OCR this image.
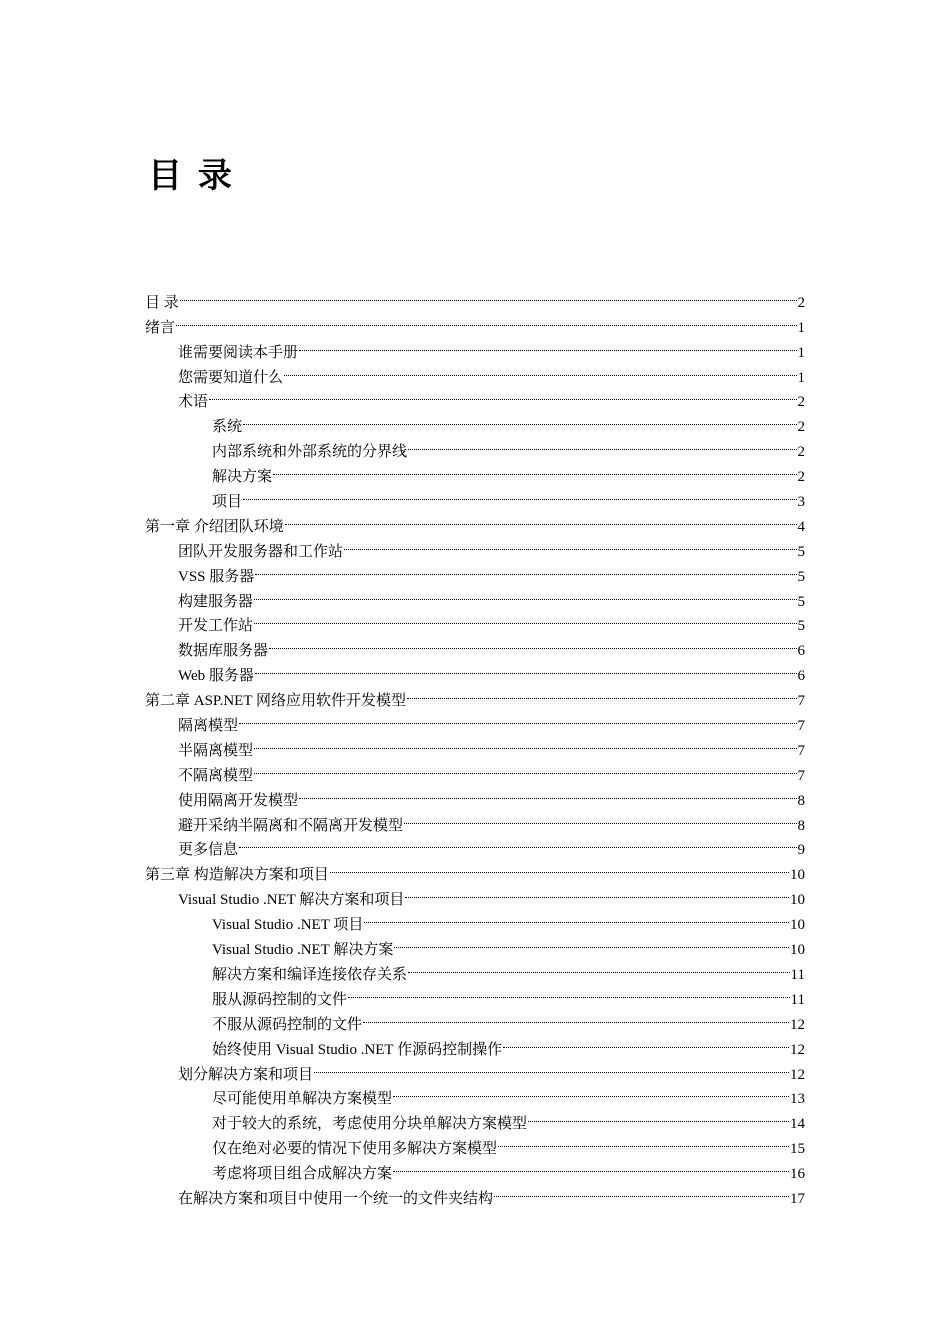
目 录
目 录	2
绪言	1
谁需要阅读本手册	1
您需要知道什么	1
术语	2
系统	2
内部系统和外部系统的分界线	2
解决方案	2
项目	3
第一章 介绍团队环境	4
团队开发服务器和工作站	5
VSS 服务器	5
构建服务器	5
开发工作站	5
数据库服务器	6
Web 服务器	6
第二章 ASP.NET 网络应用软件开发模型	7
隔离模型	7
半隔离模型	7
不隔离模型	7
使用隔离开发模型	8
避开采纳半隔离和不隔离开发模型	8
更多信息	9
第三章 构造解决方案和项目	10
Visual Studio .NET 解决方案和项目	10
Visual Studio .NET 项目	10
Visual Studio .NET 解决方案	10
解决方案和编译连接依存关系	11
服从源码控制的文件	11
不服从源码控制的文件	12
始终使用 Visual Studio .NET 作源码控制操作	12
划分解决方案和项目	12
尽可能使用单解决方案模型	13
对于较大的系统，考虑使用分块单解决方案模型	14
仅在绝对必要的情况下使用多解决方案模型	15
考虑将项目组合成解决方案	16
在解决方案和项目中使用一个统一的文件夹结构	17
